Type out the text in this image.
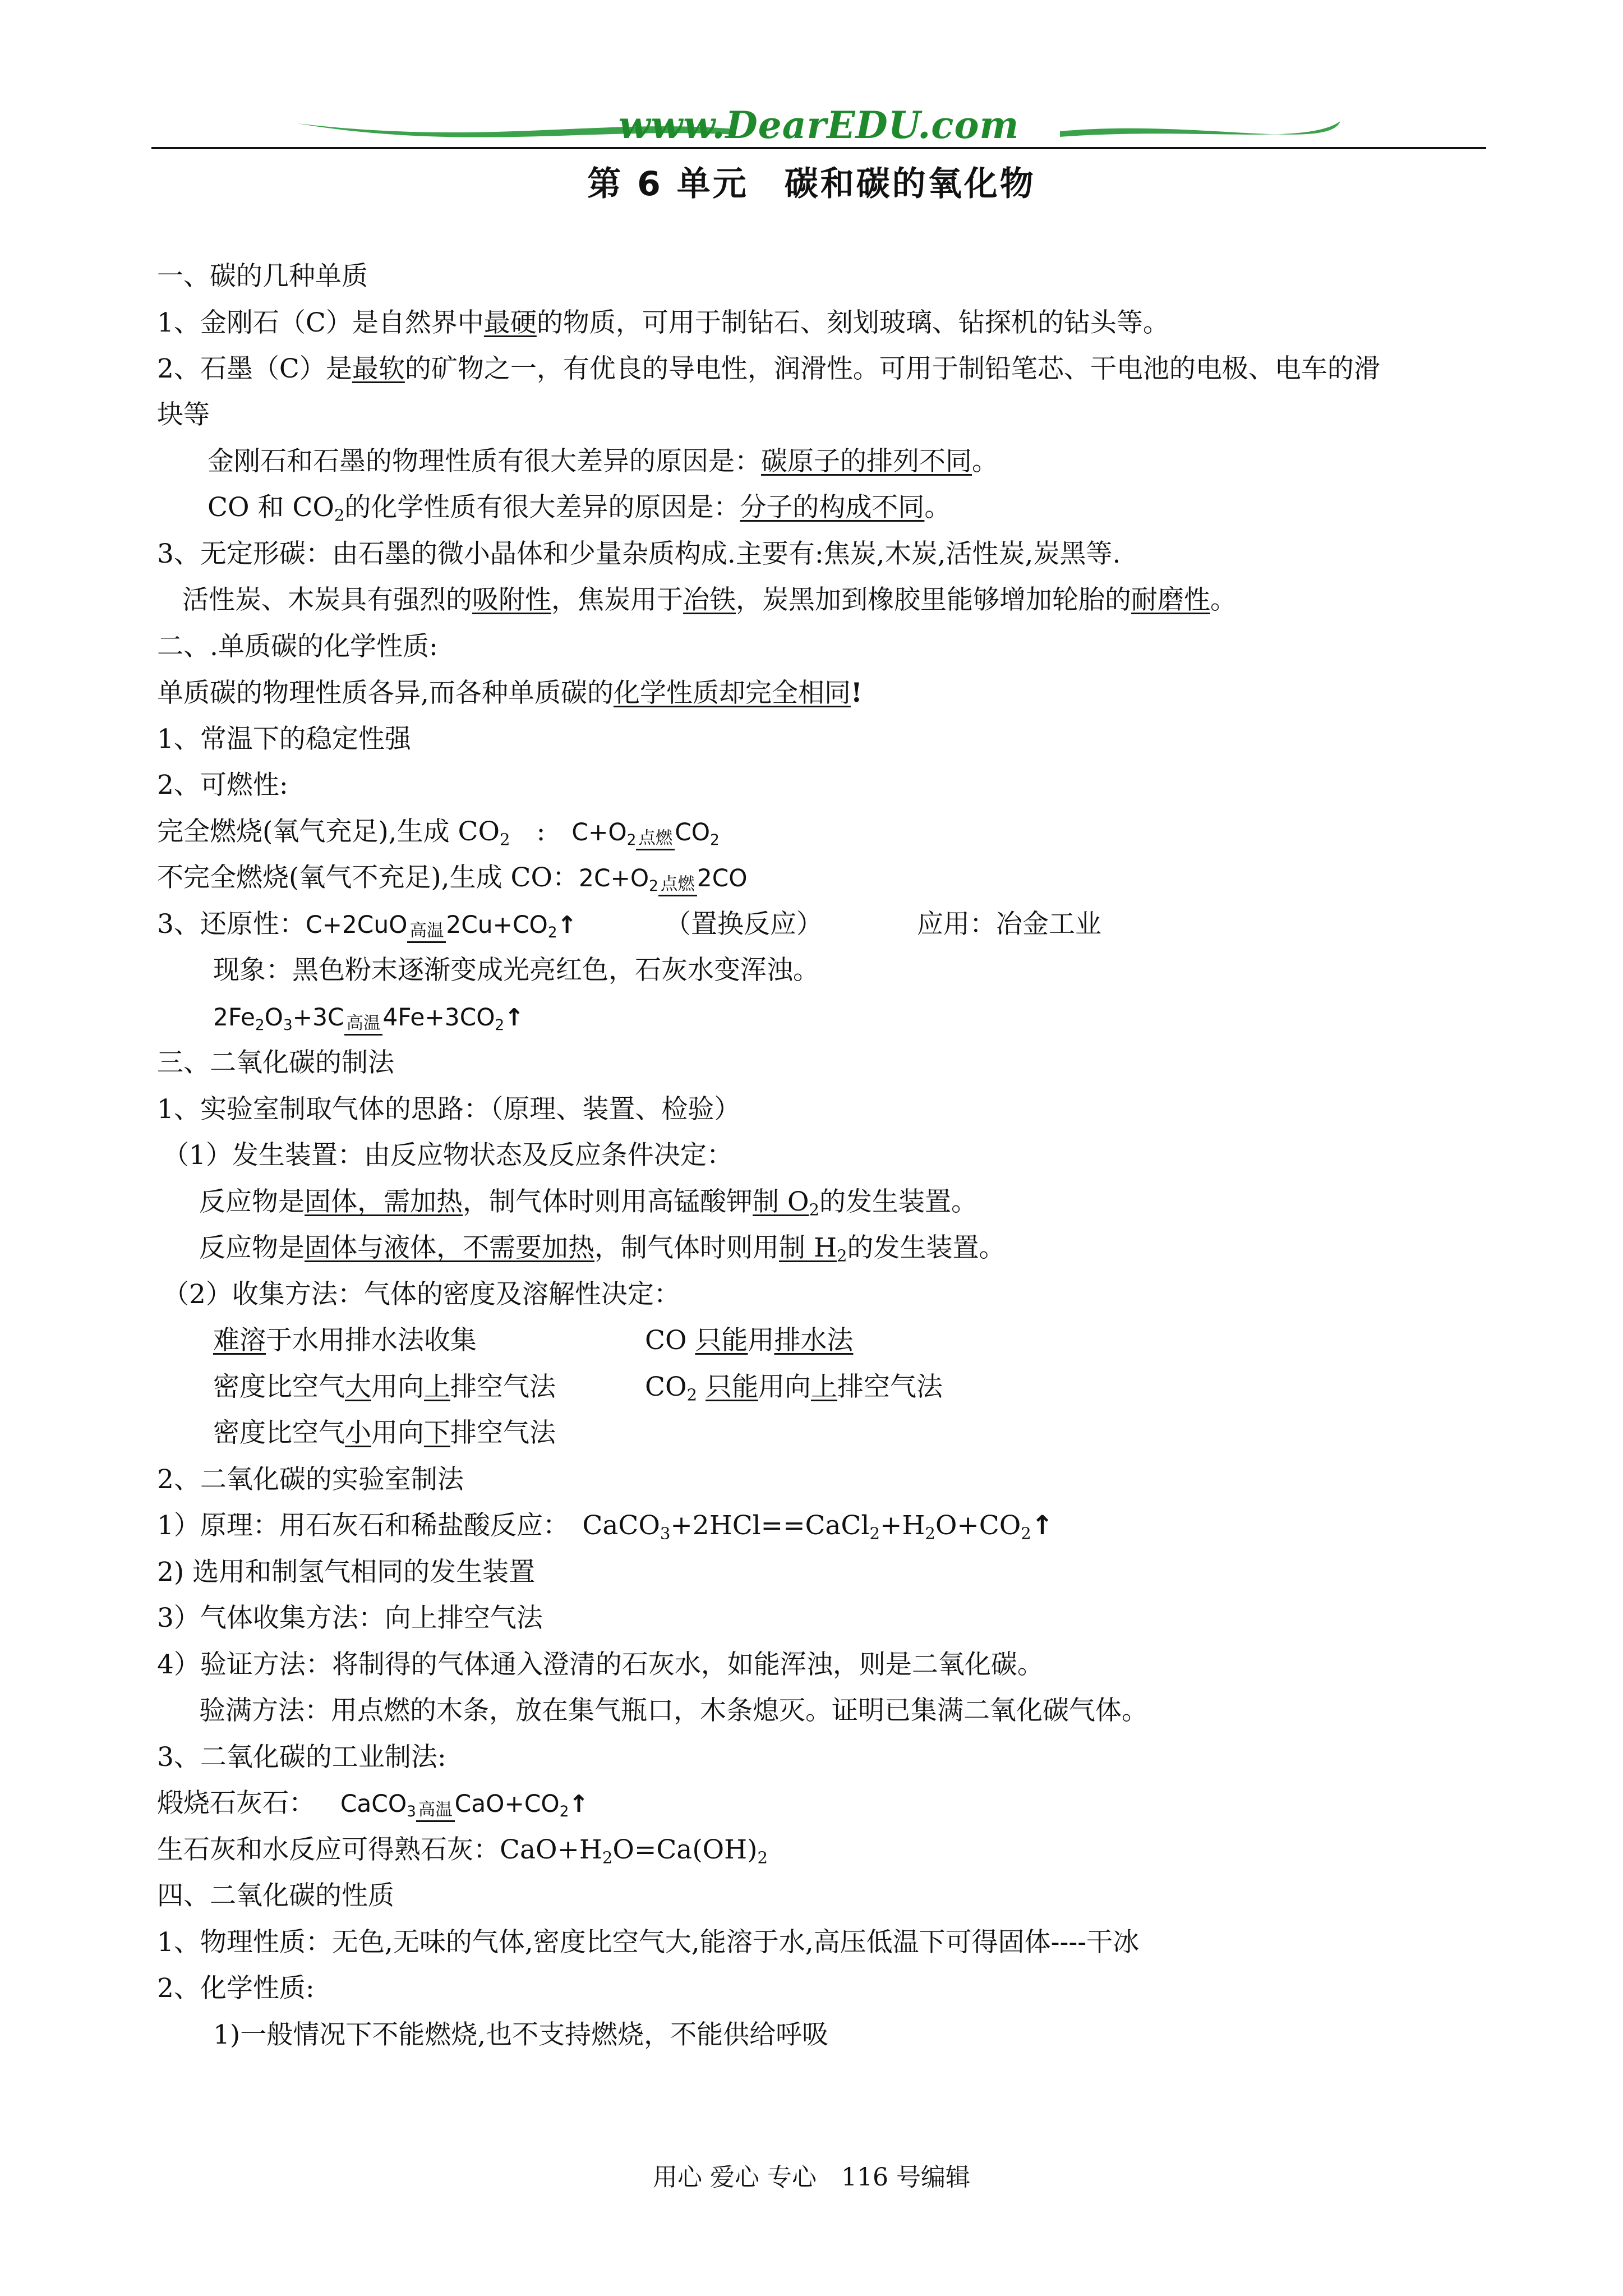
www.DearEDU.com
第 6 单元　碳和碳的氧化物
一、碳的几种单质
1、金刚石（C）是自然界中最硬的物质，可用于制钻石、刻划玻璃、钻探机的钻头等。
2、石墨（C）是最软的矿物之一，有优良的导电性，润滑性。可用于制铅笔芯、干电池的电极、电车的滑
块等
金刚石和石墨的物理性质有很大差异的原因是：碳原子的排列不同。
CO 和 $CO_2$的化学性质有很大差异的原因是：分子的构成不同。
3、无定形碳：由石墨的微小晶体和少量杂质构成.主要有:焦炭,木炭,活性炭,炭黑等.
活性炭、木炭具有强烈的吸附性，焦炭用于冶铁，炭黑加到橡胶里能够增加轮胎的耐磨性。
二、.单质碳的化学性质:
单质碳的物理性质各异,而各种单质碳的化学性质却完全相同!
1、常温下的稳定性强
2、可燃性:
完全燃烧(氧气充足),生成 $CO_2$　:　$C+O_2$ 点燃 $CO_2$
不完全燃烧(氧气不充足),生成 CO：$2C+O_2$ 点燃 2CO
3、还原性：C+2CuO 高温 $2Cu+CO_2↑$	（置换反应）	应用：冶金工业
现象：黑色粉末逐渐变成光亮红色，石灰水变浑浊。
$2Fe_2O_3+3C$ 高温 $4Fe+3CO_2↑$
三、二氧化碳的制法
1、实验室制取气体的思路：（原理、装置、检验）
（1）发生装置：由反应物状态及反应条件决定：
反应物是固体，需加热，制气体时则用高锰酸钾制 $O_2$的发生装置。
反应物是固体与液体，不需要加热，制气体时则用制 $H_2$的发生装置。
（2）收集方法：气体的密度及溶解性决定：
难溶于水用排水法收集	CO 只能用排水法
密度比空气大用向上排空气法	$CO_2$ 只能用向上排空气法
密度比空气小用向下排空气法
2、二氧化碳的实验室制法
1）原理：用石灰石和稀盐酸反应：　$CaCO_3+2HCl==CaCl_2+H_2O+CO_2↑$
2) 选用和制氢气相同的发生装置
3）气体收集方法：向上排空气法
4）验证方法：将制得的气体通入澄清的石灰水，如能浑浊，则是二氧化碳。
验满方法：用点燃的木条，放在集气瓶口，木条熄灭。证明已集满二氧化碳气体。
3、二氧化碳的工业制法:
煅烧石灰石： CaCO$_3$ 高温 $CaO+CO_2↑$
生石灰和水反应可得熟石灰：$CaO+H_2O=Ca(OH)_2$
四、二氧化碳的性质
1、物理性质：无色,无味的气体,密度比空气大,能溶于水,高压低温下可得固体----干冰
2、化学性质:
1)一般情况下不能燃烧,也不支持燃烧，不能供给呼吸
用心 爱心 专心　116 号编辑
